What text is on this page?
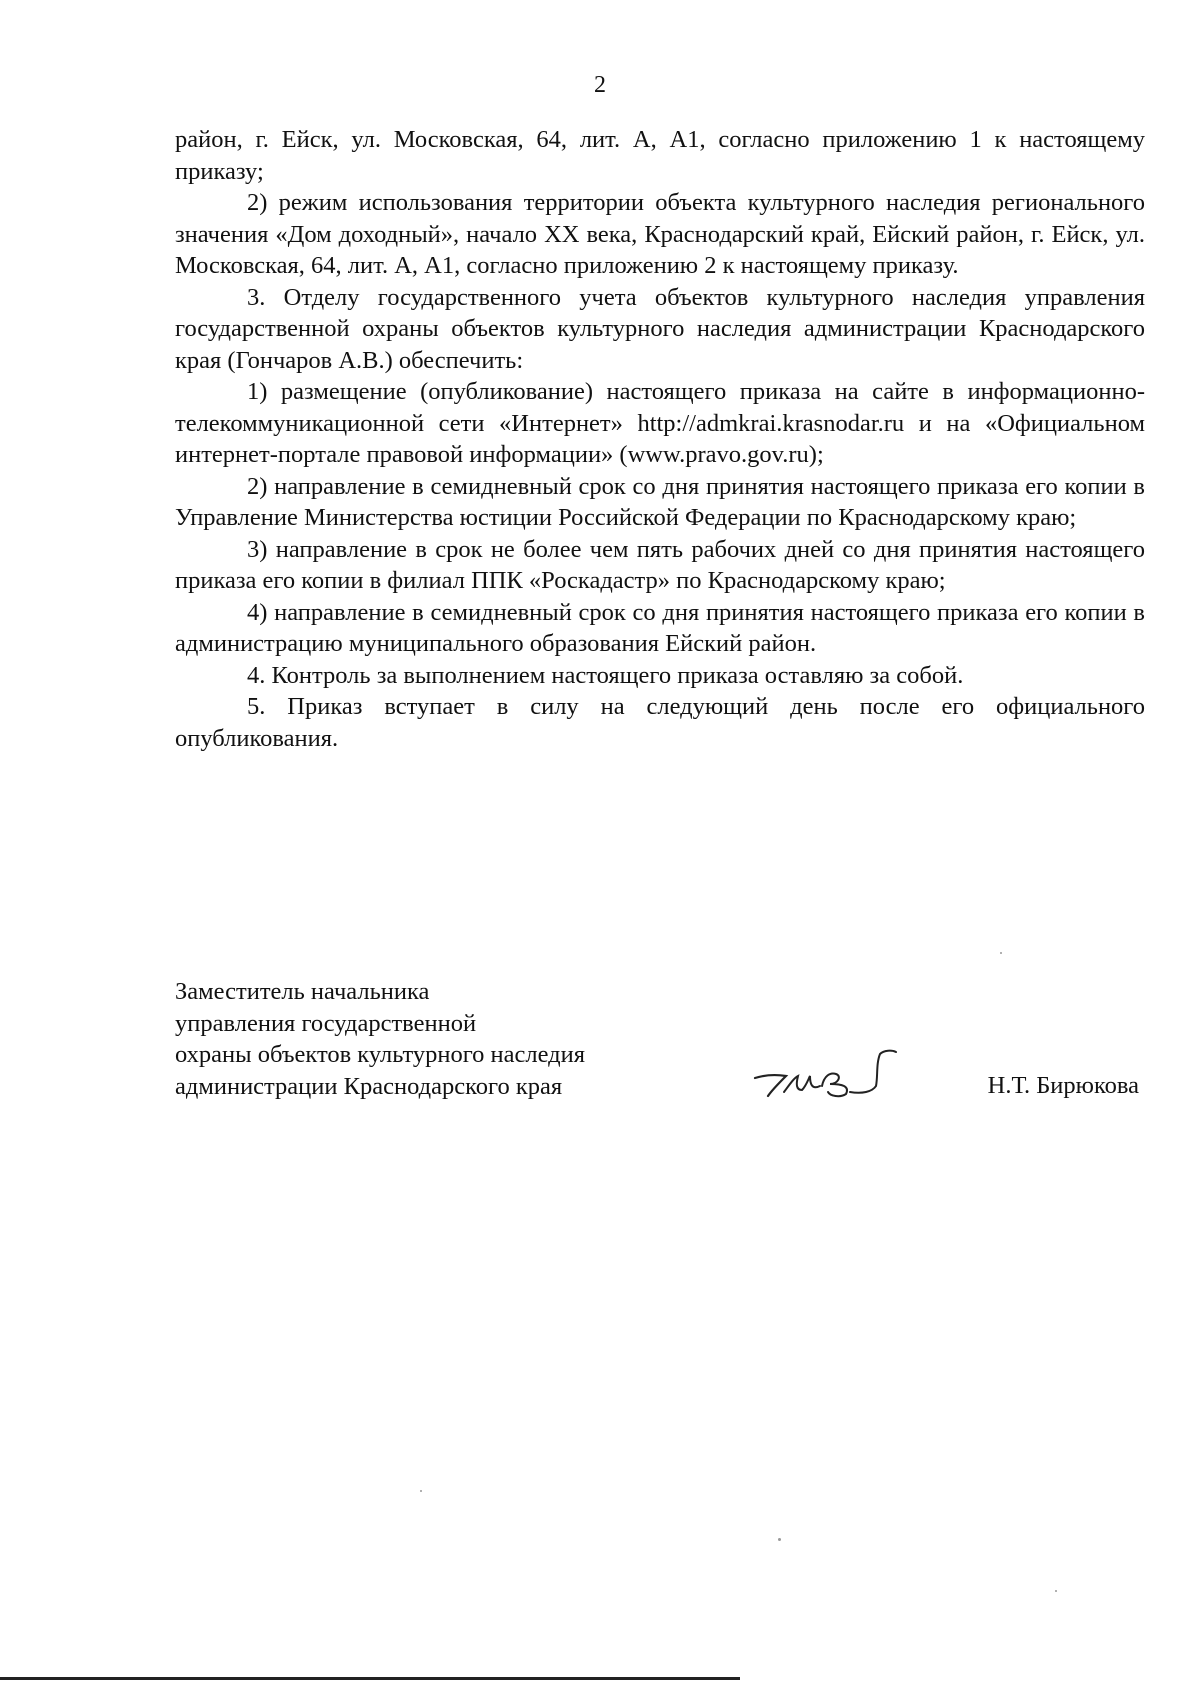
2

район, г. Ейск, ул. Московская, 64, лит. А, А1, согласно приложению 1 к настоящему приказу;

2) режим использования территории объекта культурного наследия регионального значения «Дом доходный», начало XX века, Краснодарский край, Ейский район, г. Ейск, ул. Московская, 64, лит. А, А1, согласно приложению 2 к настоящему приказу.

3. Отделу государственного учета объектов культурного наследия управления государственной охраны объектов культурного наследия администрации Краснодарского края (Гончаров А.В.) обеспечить:

1) размещение (опубликование) настоящего приказа на сайте в информационно-телекоммуникационной сети «Интернет» http://admkrai.krasnodar.ru и на «Официальном интернет-портале правовой информации» (www.pravo.gov.ru);

2) направление в семидневный срок со дня принятия настоящего приказа его копии в Управление Министерства юстиции Российской Федерации по Краснодарскому краю;

3) направление в срок не более чем пять рабочих дней со дня принятия настоящего приказа его копии в филиал ППК «Роскадастр» по Краснодарскому краю;

4) направление в семидневный срок со дня принятия настоящего приказа его копии в администрацию муниципального образования Ейский район.

4. Контроль за выполнением настоящего приказа оставляю за собой.

5. Приказ вступает в силу на следующий день после его официального опубликования.

Заместитель начальника
управления государственной
охраны объектов культурного наследия
администрации Краснодарского края	Н.Т. Бирюкова
